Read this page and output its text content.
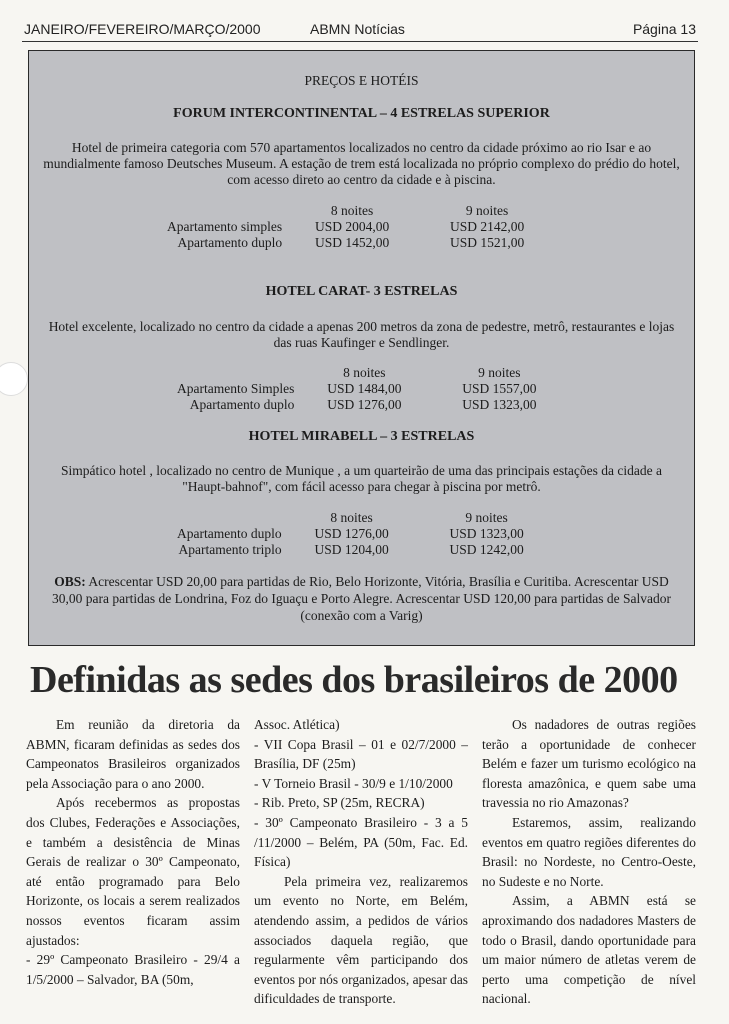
JANEIRO/FEVEREIRO/MARÇO/2000	ABMN Notícias	Página 13
PREÇOS E HOTÉIS
FORUM INTERCONTINENTAL – 4 ESTRELAS SUPERIOR
Hotel de primeira categoria com 570 apartamentos localizados no centro da cidade próximo ao rio Isar e ao mundialmente famoso Deutsches Museum. A estação de trem está localizada no próprio complexo do prédio do hotel, com acesso direto ao centro da cidade e à piscina.
	8 noites	9 noites
Apartamento simples	USD 2004,00	USD 2142,00
Apartamento duplo	USD 1452,00	USD 1521,00
HOTEL CARAT- 3 ESTRELAS
Hotel excelente, localizado no centro da cidade a apenas 200 metros da zona de pedestre, metrô, restaurantes e lojas das ruas Kaufinger e Sendlinger.
	8 noites	9 noites
Apartamento Simples	USD 1484,00	USD 1557,00
Apartamento duplo	USD 1276,00	USD 1323,00
HOTEL MIRABELL – 3 ESTRELAS
Simpático hotel , localizado no centro de Munique , a um quarteirão de uma das principais estações da cidade a "Haupt-bahnof", com fácil acesso para chegar à piscina por metrô.
	8 noites	9 noites
Apartamento duplo	USD 1276,00	USD 1323,00
Apartamento triplo	USD 1204,00	USD 1242,00
OBS: Acrescentar USD 20,00 para partidas de Rio, Belo Horizonte, Vitória, Brasília e Curitiba. Acrescentar USD 30,00 para partidas de Londrina, Foz do Iguaçu e Porto Alegre. Acrescentar USD 120,00 para partidas de Salvador (conexão com a Varig)
Definidas as sedes dos brasileiros de 2000

Em reunião da diretoria da ABMN, ficaram definidas as sedes dos Campeonatos Brasileiros organizados pela Associação para o ano 2000.

Após recebermos as propostas dos Clubes, Federações e Associações, e também a desistência de Minas Gerais de realizar o 30º Campeonato, até então programado para Belo Horizonte, os locais a serem realizados nossos eventos ficaram assim ajustados:

- 29º Campeonato Brasileiro - 29/4 a 1/5/2000 – Salvador, BA (50m,

Assoc. Atlética)

- VII Copa Brasil – 01 e 02/7/2000 – Brasília, DF (25m)

- V Torneio Brasil - 30/9 e 1/10/2000

- Rib. Preto, SP (25m, RECRA)

- 30º Campeonato Brasileiro - 3 a 5 /11/2000 – Belém, PA (50m, Fac. Ed. Física)

Pela primeira vez, realizaremos um evento no Norte, em Belém, atendendo assim, a pedidos de vários associados daquela região, que regularmente vêm participando dos eventos por nós organizados, apesar das dificuldades de transporte.

Os nadadores de outras regiões terão a oportunidade de conhecer Belém e fazer um turismo ecológico na floresta amazônica, e quem sabe uma travessia no rio Amazonas?

Estaremos, assim, realizando eventos em quatro regiões diferentes do Brasil: no Nordeste, no Centro-Oeste, no Sudeste e no Norte.

Assim, a ABMN está se aproximando dos nadadores Masters de todo o Brasil, dando oportunidade para um maior número de atletas verem de perto uma competição de nível nacional.
